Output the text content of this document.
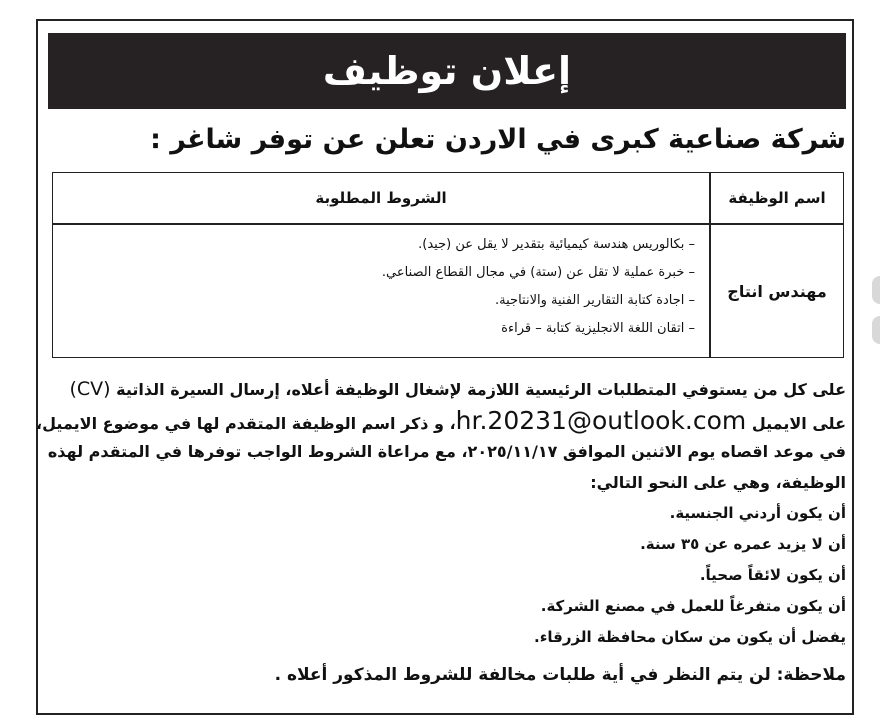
إعلان توظيف
شركة صناعية كبرى في الاردن تعلن عن توفر شاغر :
اسم الوظيفة
الشروط المطلوبة
مهندس انتاج
– بكالوريس هندسة كيميائية بتقدير لا يقل عن (جيد).
– خبرة عملية لا تقل عن (ستة) في مجال القطاع الصناعي.
– اجادة كتابة التقارير الفنية والانتاجية.
– اتقان اللغة الانجليزية كتابة – قراءة

على كل من يستوفي المتطلبات الرئيسية اللازمة لإشغال الوظيفة أعلاه، إرسال السيرة الذاتية (CV)

على الايميل hr.20231@outlook.com، و ذكر اسم الوظيفة المتقدم لها في موضوع الايميل،

في موعد اقصاه يوم الاثنين الموافق ٢٠٢٥/١١/١٧، مع مراعاة الشروط الواجب توفرها في المتقدم لهذه

الوظيفة، وهي على النحو التالي:

أن يكون أردني الجنسية.

أن لا يزيد عمره عن ٣٥ سنة.

أن يكون لائقاً صحياً.

أن يكون متفرغاً للعمل في مصنع الشركة.

يفضل أن يكون من سكان محافظة الزرقاء.

ملاحظة: لن يتم النظر في أية طلبات مخالفة للشروط المذكور أعلاه .
